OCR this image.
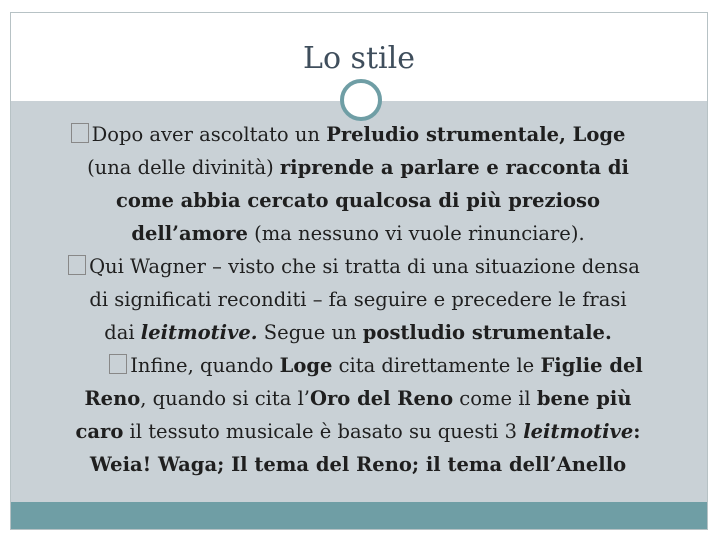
Lo stile
Dopo aver ascoltato un Preludio strumentale, Loge
(una delle divinità) riprende a parlare e racconta di
come abbia cercato qualcosa di più prezioso
dell’amore (ma nessuno vi vuole rinunciare).
Qui Wagner – visto che si tratta di una situazione densa
di significati reconditi – fa seguire e precedere le frasi
dai leitmotive. Segue un postludio strumentale.
Infine, quando Loge cita direttamente le Figlie del
Reno, quando si cita l’Oro del Reno come il bene più
caro il tessuto musicale è basato su questi 3 leitmotive:
Weia! Waga; Il tema del Reno; il tema dell’Anello
